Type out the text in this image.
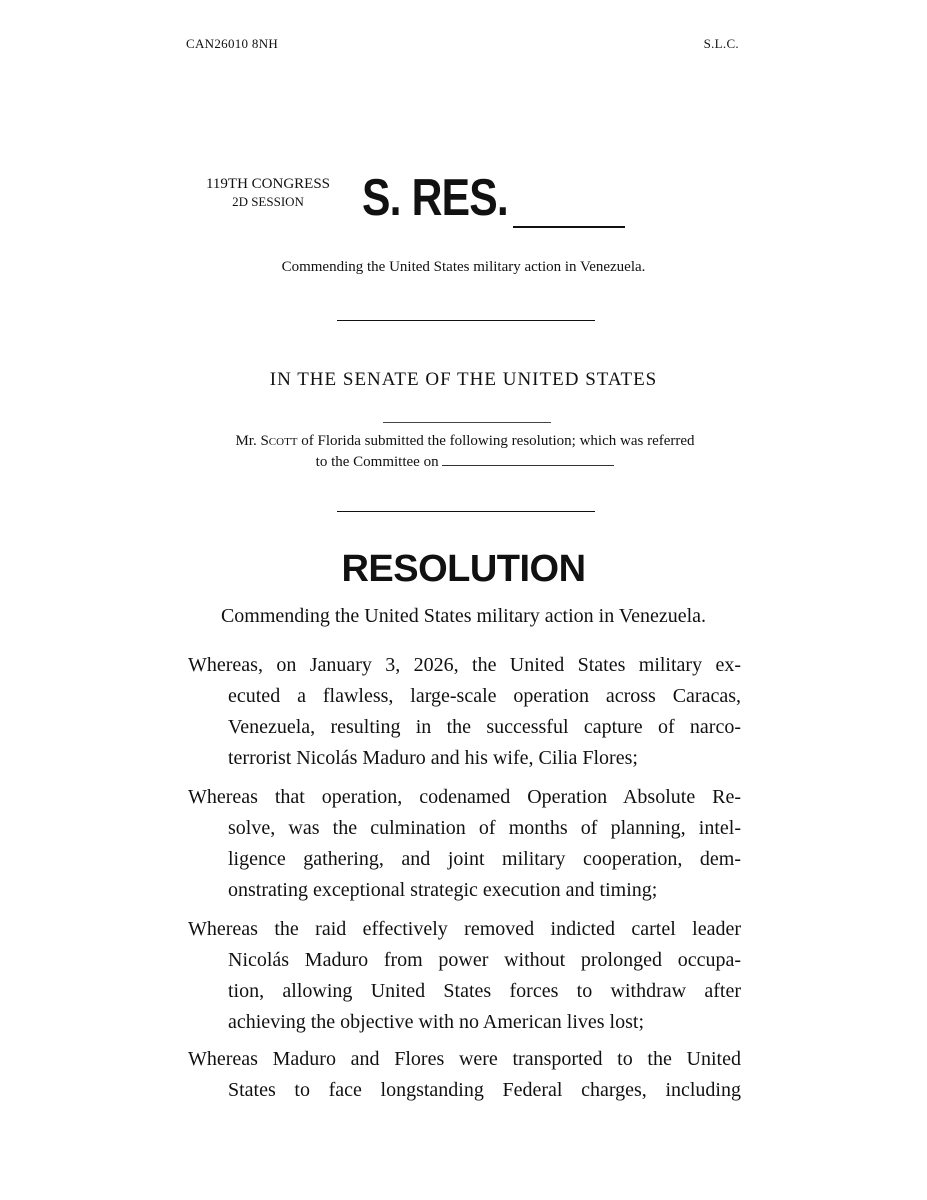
CAN26010 8NH	S.L.C.
119TH CONGRESS
2D SESSION	S. RES.
Commending the United States military action in Venezuela.
IN THE SENATE OF THE UNITED STATES
Mr. Scott of Florida submitted the following resolution; which was referred
to the Committee on
RESOLUTION
Commending the United States military action in Venezuela.
Whereas, on January 3, 2026, the United States military ex-
ecuted a flawless, large-scale operation across Caracas,
Venezuela, resulting in the successful capture of narco-
terrorist Nicolás Maduro and his wife, Cilia Flores;
Whereas that operation, codenamed Operation Absolute Re-
solve, was the culmination of months of planning, intel-
ligence gathering, and joint military cooperation, dem-
onstrating exceptional strategic execution and timing;
Whereas the raid effectively removed indicted cartel leader
Nicolás Maduro from power without prolonged occupa-
tion, allowing United States forces to withdraw after
achieving the objective with no American lives lost;
Whereas Maduro and Flores were transported to the United
States to face longstanding Federal charges, including
